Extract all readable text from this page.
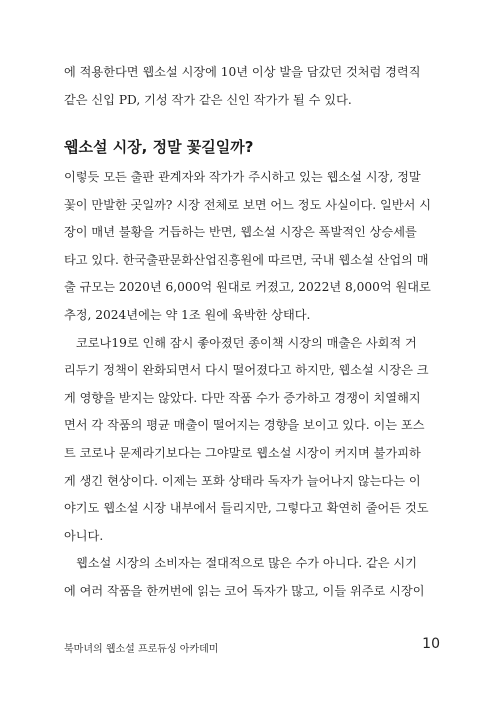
에 적용한다면 웹소설 시장에 10년 이상 발을 담갔던 것처럼 경력직
같은 신입 PD, 기성 작가 같은 신인 작가가 될 수 있다.
웹소설 시장, 정말 꽃길일까?
이렇듯 모든 출판 관계자와 작가가 주시하고 있는 웹소설 시장, 정말
꽃이 만발한 곳일까? 시장 전체로 보면 어느 정도 사실이다. 일반서 시
장이 매년 불황을 거듭하는 반면, 웹소설 시장은 폭발적인 상승세를
타고 있다. 한국출판문화산업진흥원에 따르면, 국내 웹소설 산업의 매
출 규모는 2020년 6,000억 원대로 커졌고, 2022년 8,000억 원대로
추정, 2024년에는 약 1조 원에 육박한 상태다.
코로나19로 인해 잠시 좋아졌던 종이책 시장의 매출은 사회적 거
리두기 정책이 완화되면서 다시 떨어졌다고 하지만, 웹소설 시장은 크
게 영향을 받지는 않았다. 다만 작품 수가 증가하고 경쟁이 치열해지
면서 각 작품의 평균 매출이 떨어지는 경향을 보이고 있다. 이는 포스
트 코로나 문제라기보다는 그야말로 웹소설 시장이 커지며 불가피하
게 생긴 현상이다. 이제는 포화 상태라 독자가 늘어나지 않는다는 이
야기도 웹소설 시장 내부에서 들리지만, 그렇다고 확연히 줄어든 것도
아니다.
웹소설 시장의 소비자는 절대적으로 많은 수가 아니다. 같은 시기
에 여러 작품을 한꺼번에 읽는 코어 독자가 많고, 이들 위주로 시장이
북마녀의 웹소설 프로듀싱 아카데미	10
